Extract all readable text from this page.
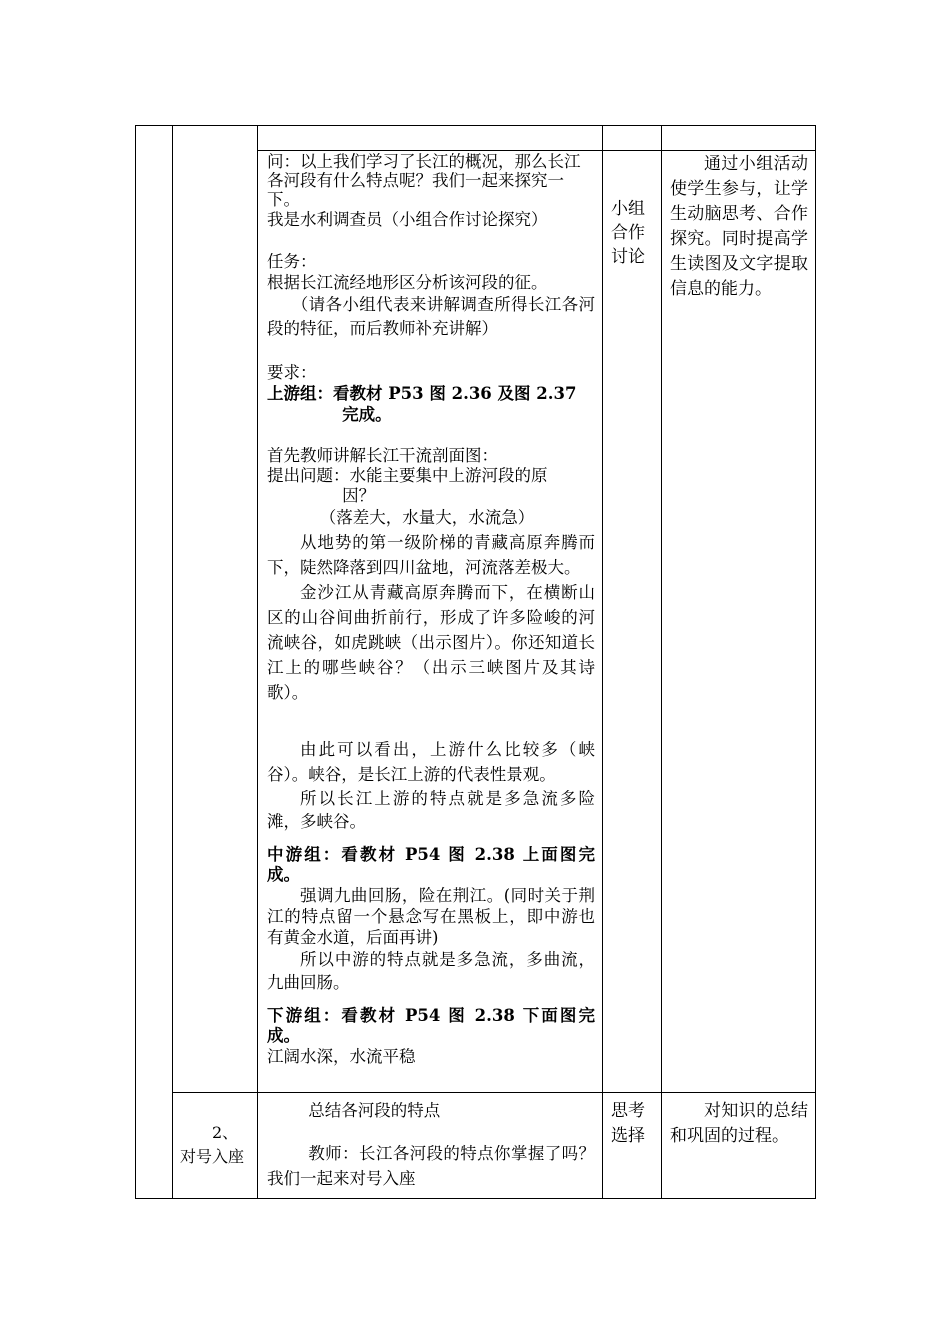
问：以上我们学习了长江的概况，那么长江各河段有什么特点呢？我们一起来探究一下。

我是水利调查员（小组合作讨论探究）

任务：

根据长江流经地形区分析该河段的征。

（请各小组代表来讲解调查所得长江各河段的特征，而后教师补充讲解）

要求：

上游组：看教材 P53 图 2.36 及图 2.37

完成。

首先教师讲解长江干流剖面图：

提出问题：水能主要集中上游河段的原

因？

（落差大，水量大，水流急）

从地势的第一级阶梯的青藏高原奔腾而下，陡然降落到四川盆地，河流落差极大。

金沙江从青藏高原奔腾而下，在横断山区的山谷间曲折前行，形成了许多险峻的河流峡谷，如虎跳峡（出示图片）。你还知道长江上的哪些峡谷？（出示三峡图片及其诗歌）。

由此可以看出，上游什么比较多（峡谷）。峡谷，是长江上游的代表性景观。

所以长江上游的特点就是多急流多险滩，多峡谷。

中游组：看教材 P54 图 2.38 上面图完成。

强调九曲回肠，险在荆江。(同时关于荆江的特点留一个悬念写在黑板上，即中游也有黄金水道，后面再讲)

所以中游的特点就是多急流，多曲流，九曲回肠。

下游组：看教材 P54 图 2.38 下面图完成。

江阔水深，水流平稳

小组合作讨论

通过小组活动使学生参与，让学生动脑思考、合作探究。同时提高学生读图及文字提取信息的能力。

2、对号入座

总结各河段的特点

教师：长江各河段的特点你掌握了吗？我们一起来对号入座

思考选择

对知识的总结和巩固的过程。
